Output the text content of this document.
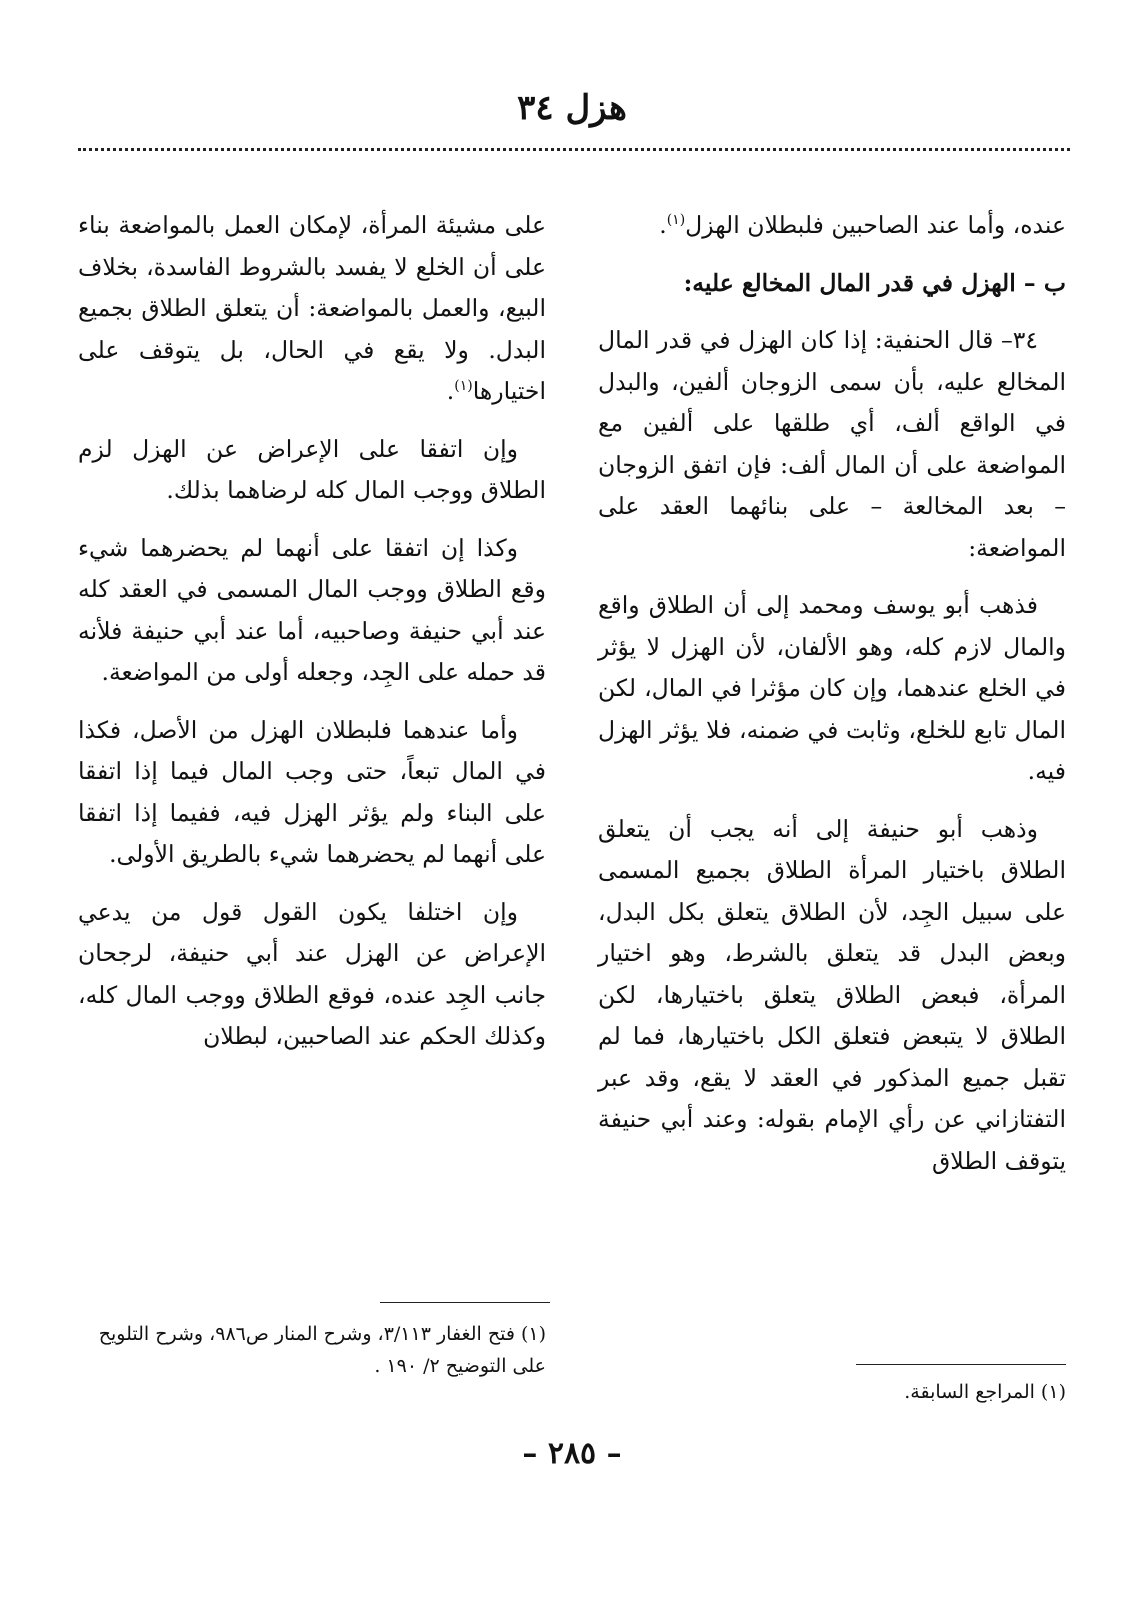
هزل ٣٤

عنده، وأما عند الصاحبين فلبطلان الهزل$^{(١)}$.

ب – الهزل في قدر المال المخالع عليه:

٣٤– قال الحنفية: إذا كان الهزل في قدر المال المخالع عليه، بأن سمى الزوجان ألفين، والبدل في الواقع ألف، أي طلقها على ألفين مع المواضعة على أن المال ألف: فإن اتفق الزوجان – بعد المخالعة – على بنائهما العقد على المواضعة:

فذهب أبو يوسف ومحمد إلى أن الطلاق واقع والمال لازم كله، وهو الألفان، لأن الهزل لا يؤثر في الخلع عندهما، وإن كان مؤثرا في المال، لكن المال تابع للخلع، وثابت في ضمنه، فلا يؤثر الهزل فيه.

وذهب أبو حنيفة إلى أنه يجب أن يتعلق الطلاق باختيار المرأة الطلاق بجميع المسمى على سبيل الجِد، لأن الطلاق يتعلق بكل البدل، وبعض البدل قد يتعلق بالشرط، وهو اختيار المرأة، فبعض الطلاق يتعلق باختيارها، لكن الطلاق لا يتبعض فتعلق الكل باختيارها، فما لم تقبل جميع المذكور في العقد لا يقع، وقد عبر التفتازاني عن رأي الإمام بقوله: وعند أبي حنيفة يتوقف الطلاق

على مشيئة المرأة، لإمكان العمل بالمواضعة بناء على أن الخلع لا يفسد بالشروط الفاسدة، بخلاف البيع، والعمل بالمواضعة: أن يتعلق الطلاق بجميع البدل. ولا يقع في الحال، بل يتوقف على اختيارها$^{(١)}$.

وإن اتفقا على الإعراض عن الهزل لزم الطلاق ووجب المال كله لرضاهما بذلك.

وكذا إن اتفقا على أنهما لم يحضرهما شيء وقع الطلاق ووجب المال المسمى في العقد كله عند أبي حنيفة وصاحبيه، أما عند أبي حنيفة فلأنه قد حمله على الجِد، وجعله أولى من المواضعة.

وأما عندهما فلبطلان الهزل من الأصل، فكذا في المال تبعاً، حتى وجب المال فيما إذا اتفقا على البناء ولم يؤثر الهزل فيه، ففيما إذا اتفقا على أنهما لم يحضرهما شيء بالطريق الأولى.

وإن اختلفا يكون القول قول من يدعي الإعراض عن الهزل عند أبي حنيفة، لرجحان جانب الجِد عنده، فوقع الطلاق ووجب المال كله، وكذلك الحكم عند الصاحبين، لبطلان

(١) المراجع السابقة.
(١) فتح الغفار ٣/١١٣، وشرح المنار ص٩٨٦، وشرح التلويح على التوضيح ٢/ ١٩٠ .
– ٢٨٥ –
